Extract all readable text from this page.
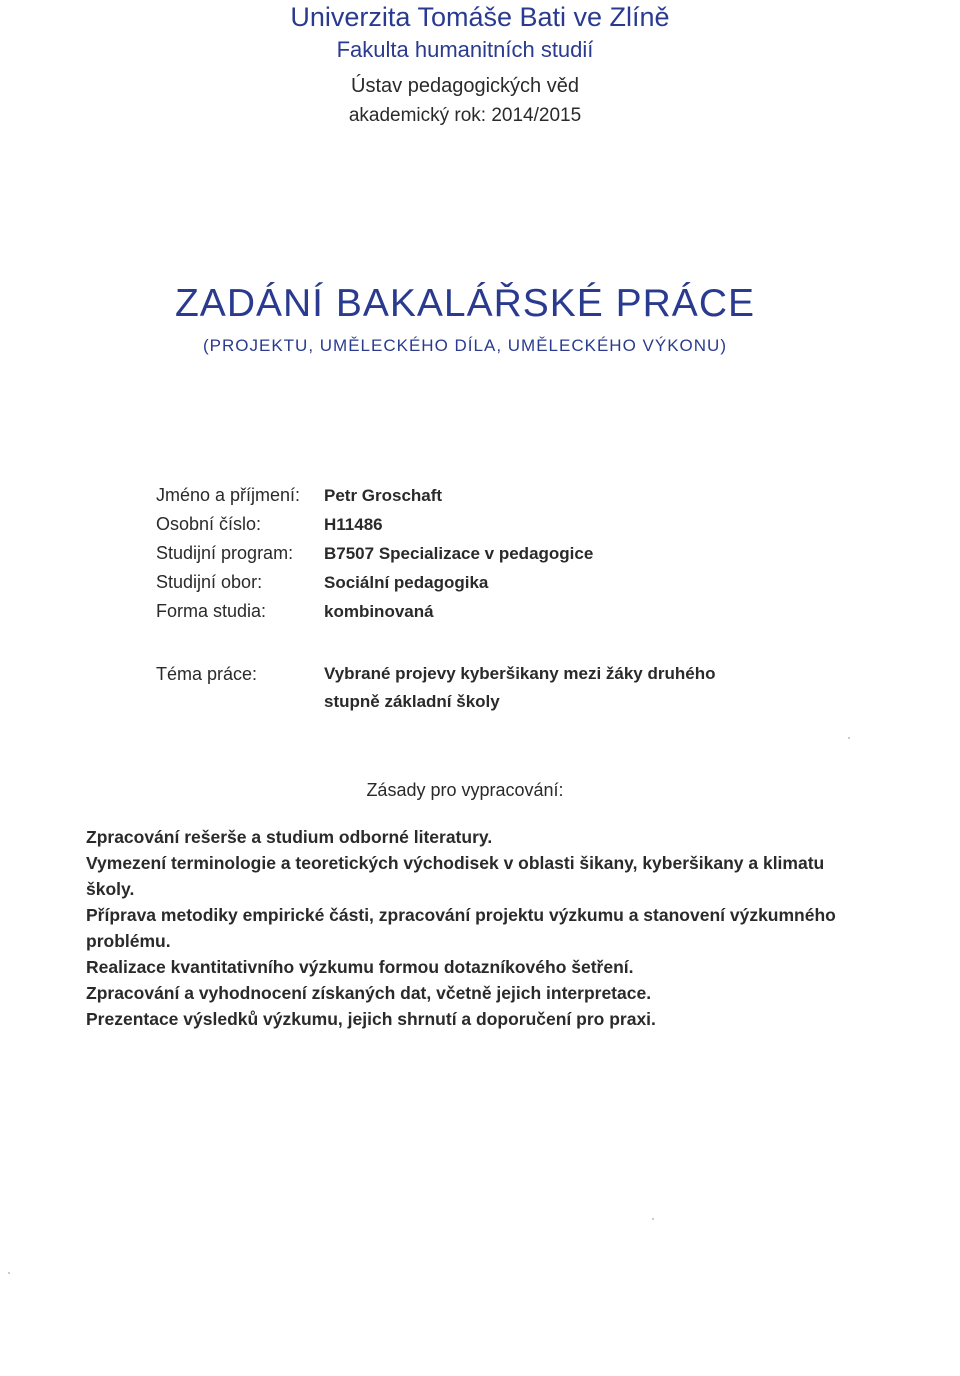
Univerzita Tomáše Bati ve Zlíně
Fakulta humanitních studií
Ústav pedagogických věd
akademický rok: 2014/2015
ZADÁNÍ BAKALÁŘSKÉ PRÁCE
(PROJEKTU, UMĚLECKÉHO DÍLA, UMĚLECKÉHO VÝKONU)
Jméno a příjmení:	Petr Groschaft
Osobní číslo:	H11486
Studijní program:	B7507 Specializace v pedagogice
Studijní obor:	Sociální pedagogika
Forma studia:	kombinovaná
Téma práce:	Vybrané projevy kyberšikany mezi žáky druhého stupně základní školy
Zásady pro vypracování:
Zpracování rešerše a studium odborné literatury.
Vymezení terminologie a teoretických východisek v oblasti šikany, kyberšikany a klimatu školy.
Příprava metodiky empirické části, zpracování projektu výzkumu a stanovení výzkumného problému.
Realizace kvantitativního výzkumu formou dotazníkového šetření.
Zpracování a vyhodnocení získaných dat, včetně jejich interpretace.
Prezentace výsledků výzkumu, jejich shrnutí a doporučení pro praxi.
